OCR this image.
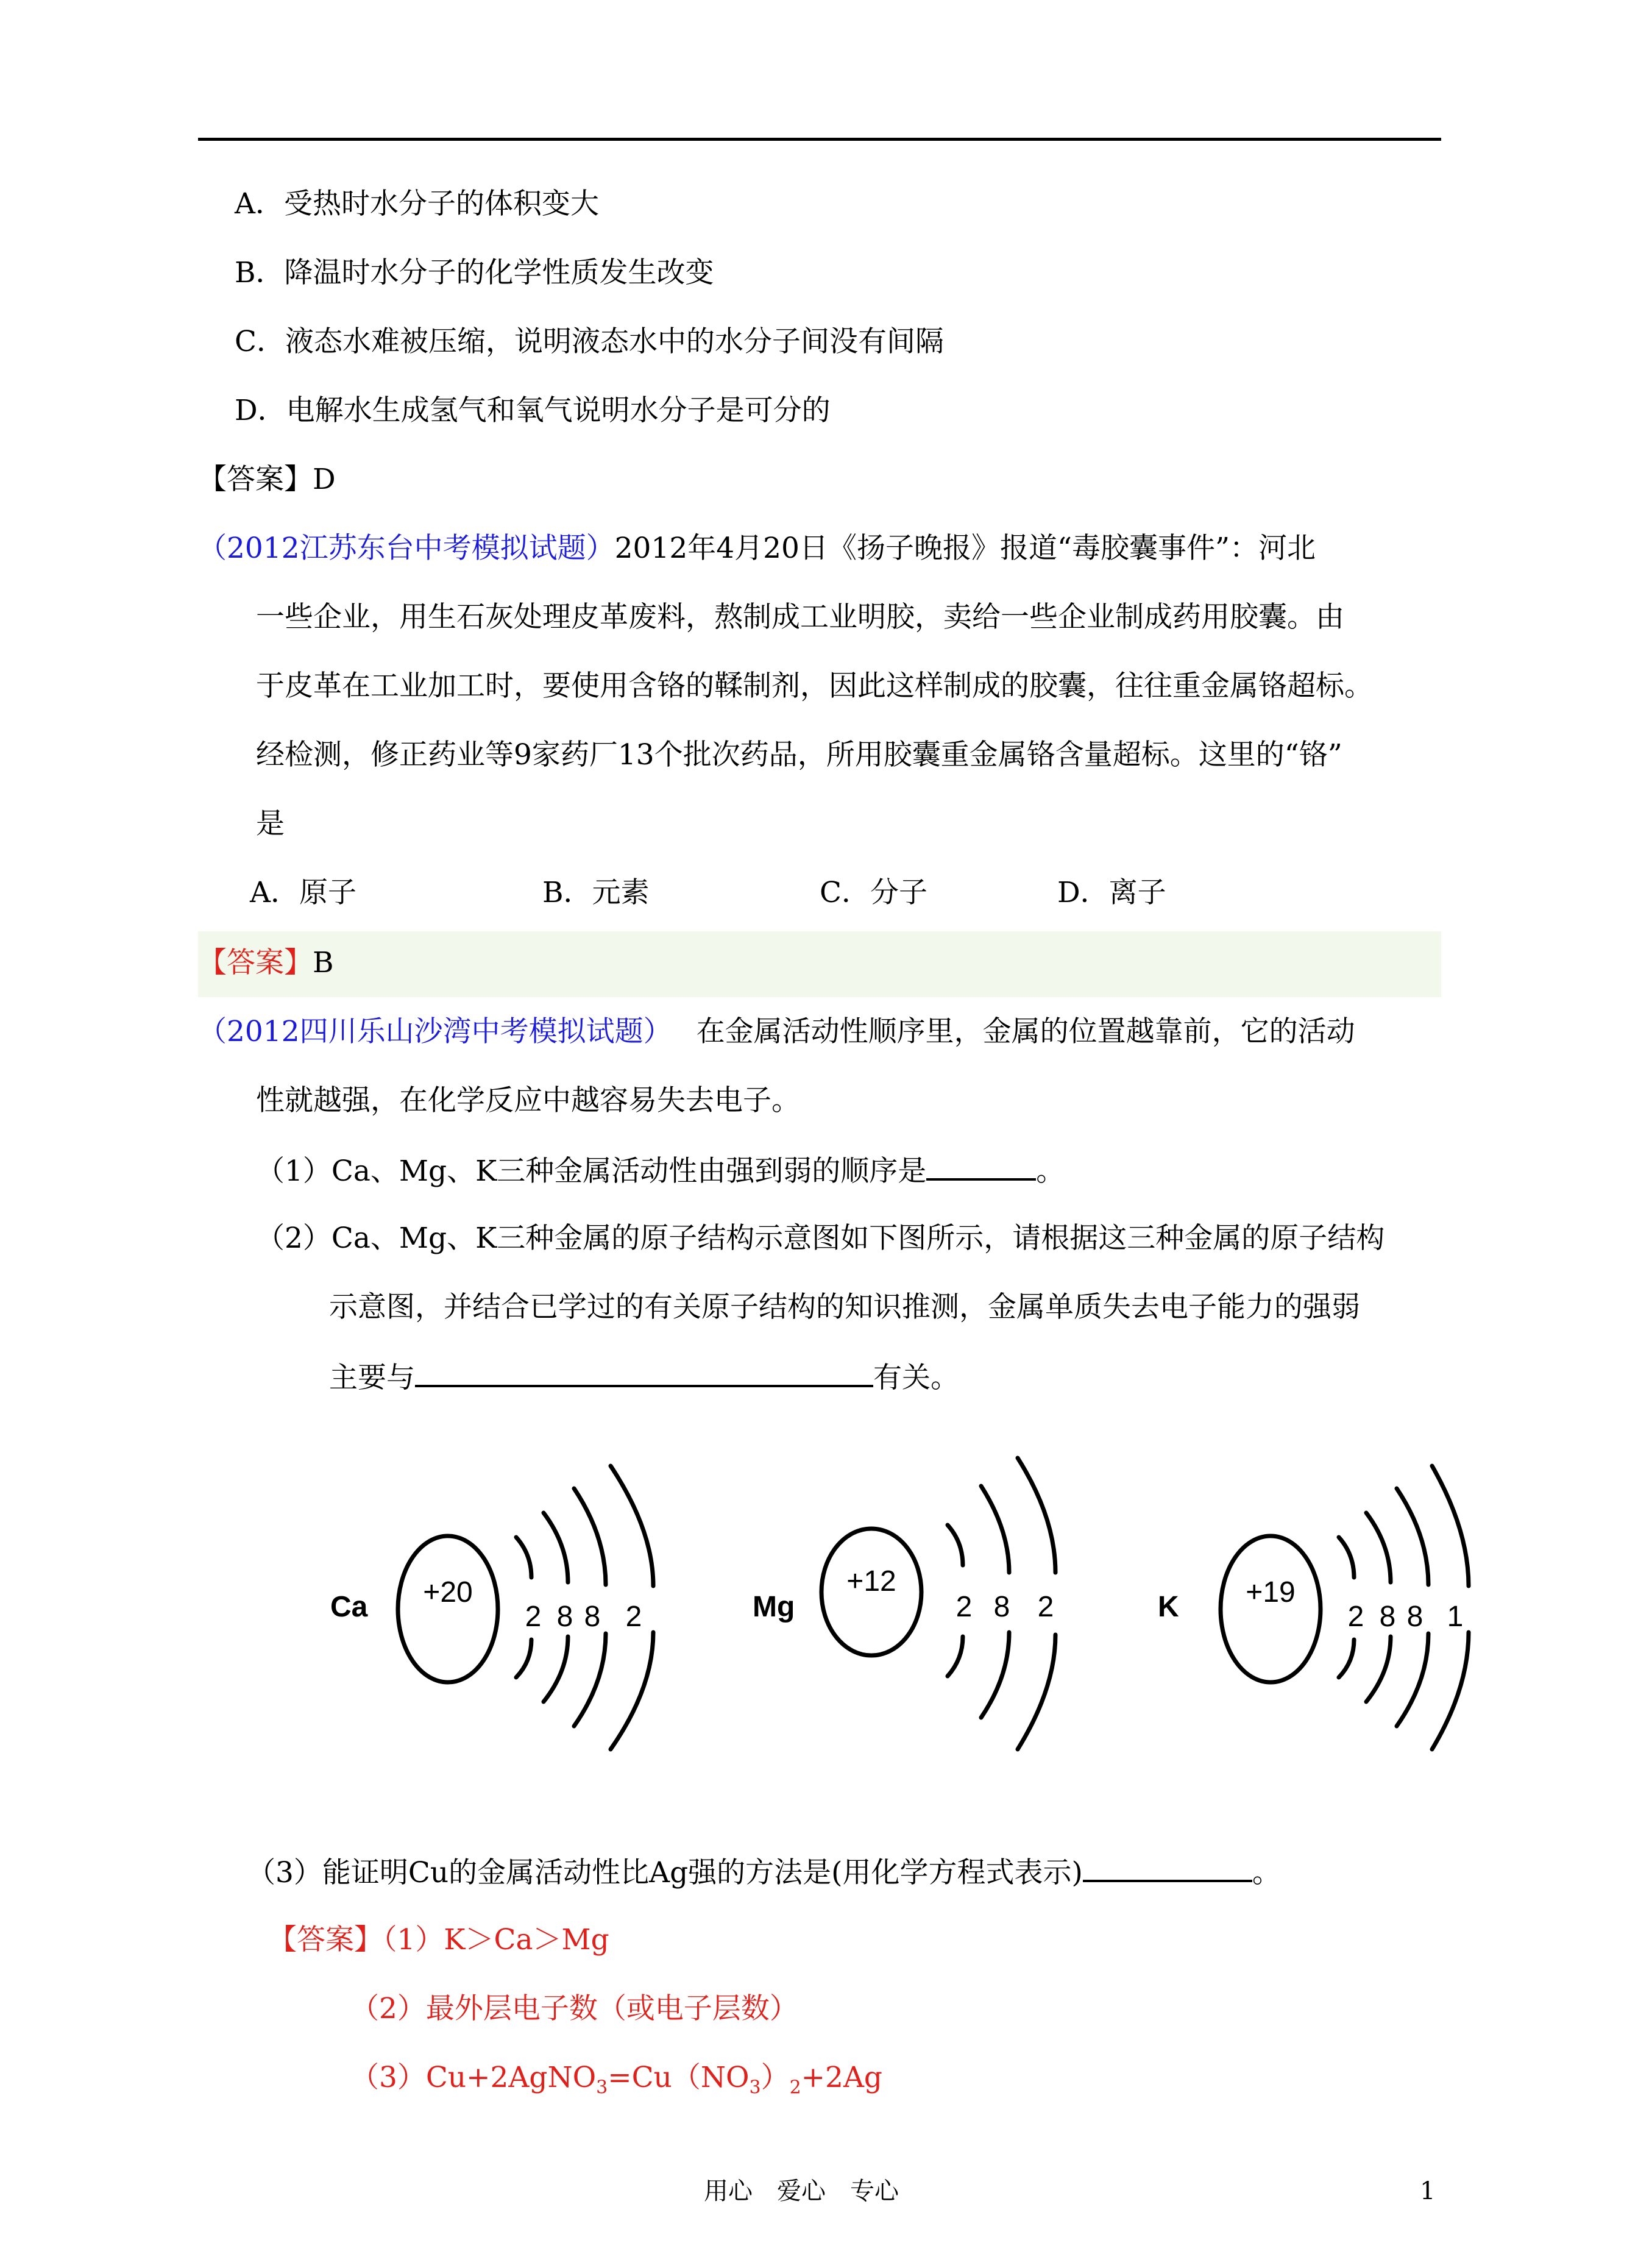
A．受热时水分子的体积变大
B．降温时水分子的化学性质发生改变
C．液态水难被压缩，说明液态水中的水分子间没有间隔
D．电解水生成氢气和氧气说明水分子是可分的
【答案】D
（2012江苏东台中考模拟试题）2012年4月20日《扬子晚报》报道“毒胶囊事件”：河北
一些企业，用生石灰处理皮革废料，熬制成工业明胶，卖给一些企业制成药用胶囊。由
于皮革在工业加工时，要使用含铬的鞣制剂，因此这样制成的胶囊，往往重金属铬超标。
经检测，修正药业等9家药厂13个批次药品，所用胶囊重金属铬含量超标。这里的“铬”
是
A．原子	B．元素	C．分子	D．离子
【答案】B
（2012四川乐山沙湾中考模拟试题） 在金属活动性顺序里，金属的位置越靠前，它的活动
性就越强，在化学反应中越容易失去电子。
（1）Ca、Mg、K三种金属活动性由强到弱的顺序是	。
（2）Ca、Mg、K三种金属的原子结构示意图如下图所示，请根据这三种金属的原子结构
示意图，并结合已学过的有关原子结构的知识推测，金属单质失去电子能力的强弱
主要与	有关。
Ca +20
2 8 8 2	Mg
+12
2 8 2	K +19
2 8 8 1
（3）能证明Cu的金属活动性比Ag强的方法是(用化学方程式表示)	。
【答案】（1）K＞Ca＞Mg
（2）最外层电子数（或电子层数）
$(3)Cu+2AgNO_3=Cu(NO_3)_2+2Ag$
用心　爱心　专心	1
